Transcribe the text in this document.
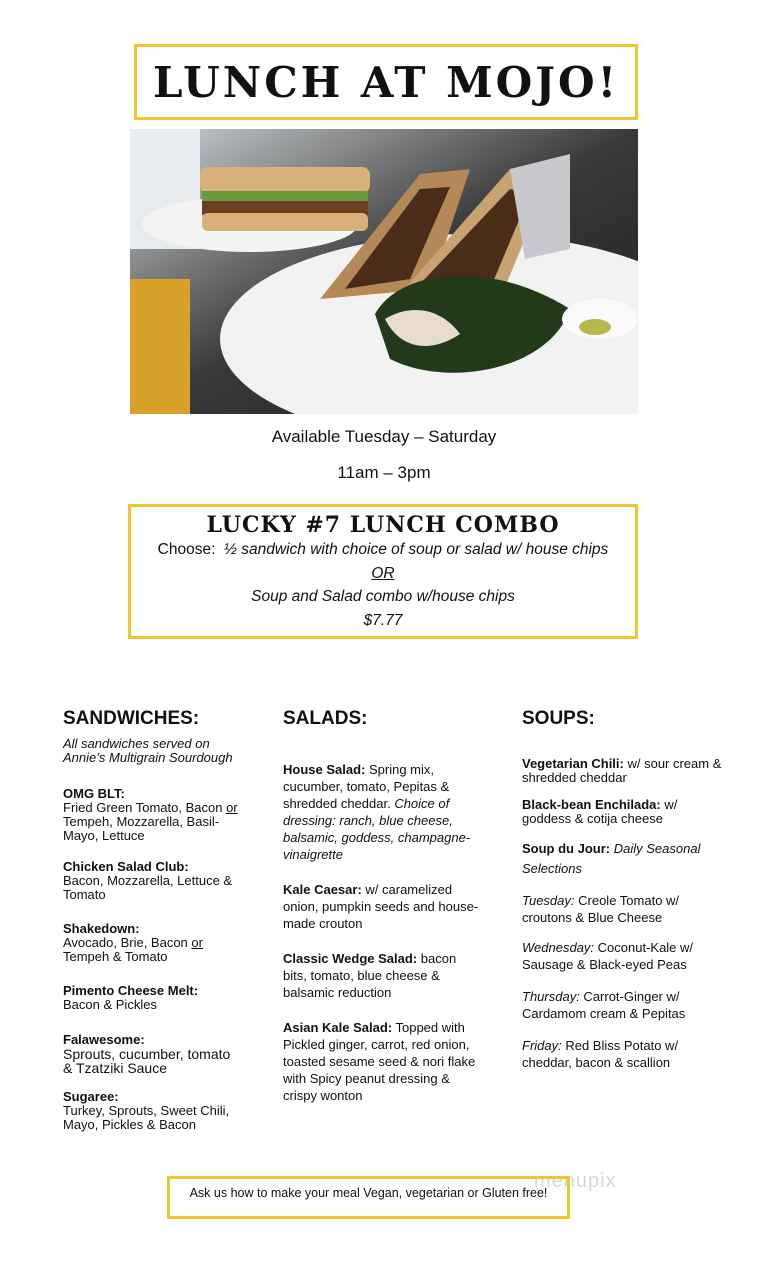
LUNCH AT MOJO!
Available Tuesday – Saturday
11am – 3pm
LUCKY #7 LUNCH COMBO
Choose: ½ sandwich with choice of soup or salad w/ house chips
OR
Soup and Salad combo w/house chips
$7.77
SANDWICHES:	SALADS:	SOUPS:
All sandwiches served on Annie’s Multigrain Sourdough
OMG BLT:
Fried Green Tomato, Bacon or Tempeh, Mozzarella, Basil-Mayo, Lettuce
Chicken Salad Club:
Bacon, Mozzarella, Lettuce & Tomato
Shakedown:
Avocado, Brie, Bacon or Tempeh & Tomato
Pimento Cheese Melt:
Bacon & Pickles
Falawesome:
Sprouts, cucumber, tomato & Tzatziki Sauce
Sugaree:
Turkey, Sprouts, Sweet Chili, Mayo, Pickles & Bacon
House Salad: Spring mix, cucumber, tomato, Pepitas & shredded cheddar. Choice of dressing: ranch, blue cheese, balsamic, goddess, champagne-vinaigrette
Kale Caesar: w/ caramelized onion, pumpkin seeds and house-made crouton
Classic Wedge Salad: bacon bits, tomato, blue cheese & balsamic reduction
Asian Kale Salad: Topped with Pickled ginger, carrot, red onion, toasted sesame seed & nori flake with Spicy peanut dressing & crispy wonton
Vegetarian Chili: w/ sour cream & shredded cheddar
Black-bean Enchilada: w/ goddess & cotija cheese
Soup du Jour: Daily Seasonal Selections
Tuesday: Creole Tomato w/ croutons & Blue Cheese
Wednesday: Coconut-Kale w/ Sausage & Black-eyed Peas
Thursday: Carrot-Ginger w/ Cardamom cream & Pepitas
Friday: Red Bliss Potato w/ cheddar, bacon & scallion
menupix
Ask us how to make your meal Vegan, vegetarian or Gluten free!
